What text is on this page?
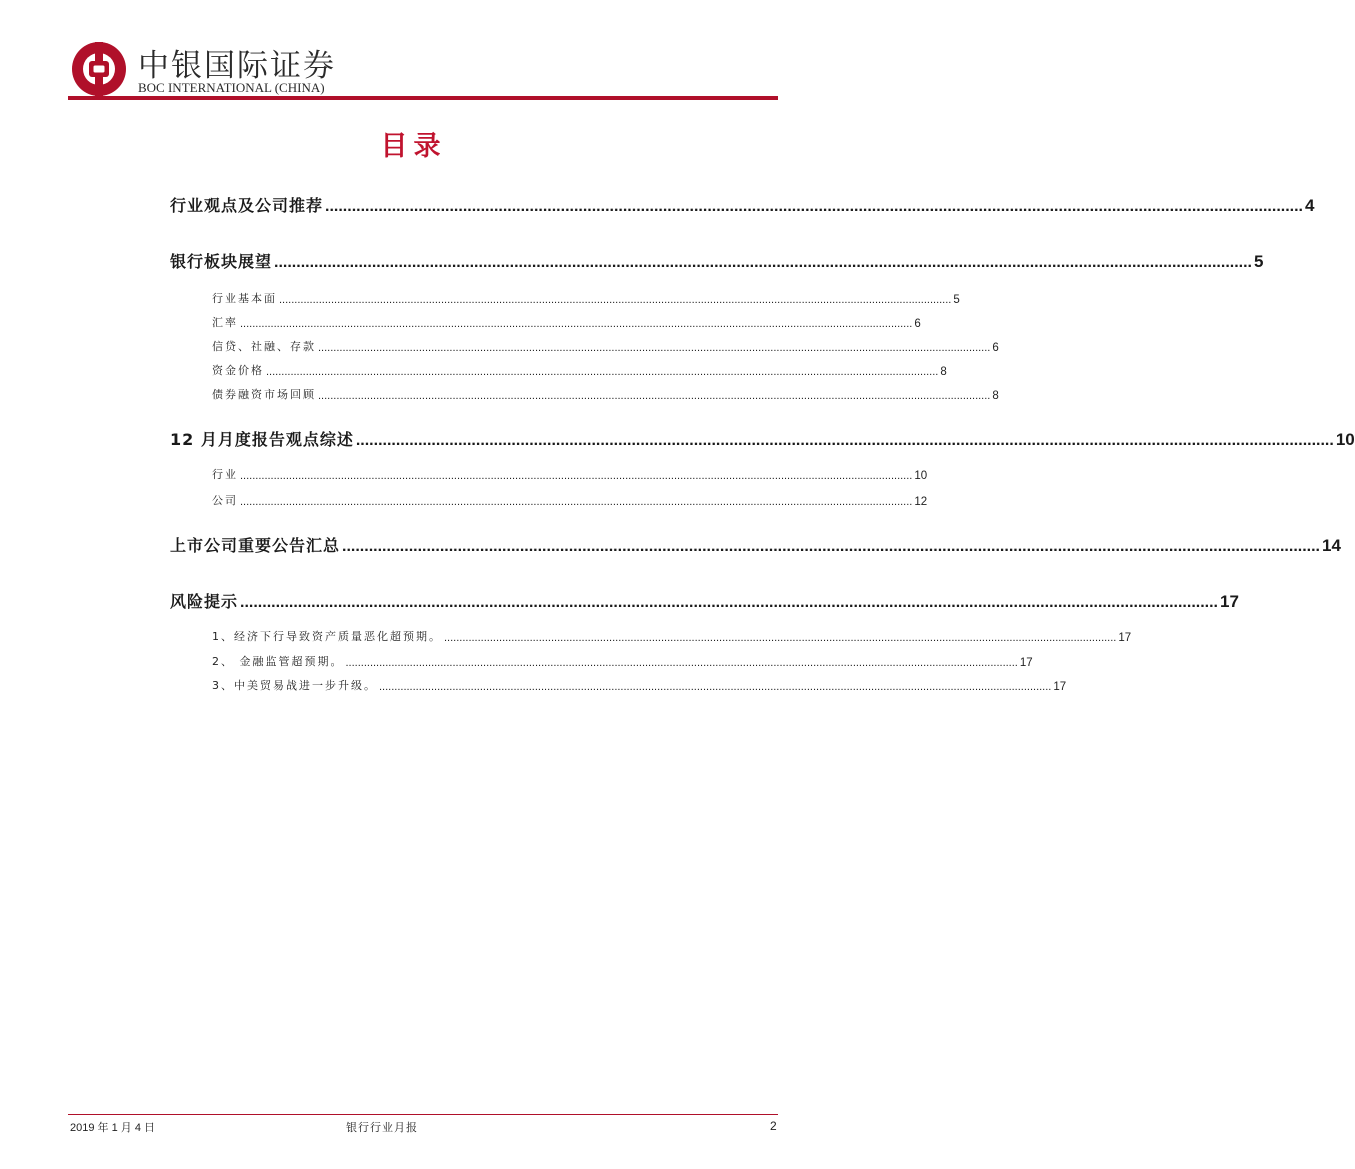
中银国际证券
BOC INTERNATIONAL (CHINA)
目录
行业观点及公司推荐 ............................................................................................................................................................................................................................ 4
银行板块展望 ............................................................................................................................................................................................................................ 5
行业基本面 ............................................................................................................................................................................................................................ 5
汇率 ............................................................................................................................................................................................................................ 6
信贷、社融、存款 ............................................................................................................................................................................................................................ 6
资金价格 ............................................................................................................................................................................................................................ 8
债券融资市场回顾 ............................................................................................................................................................................................................................ 8
12 月月度报告观点综述 ............................................................................................................................................................................................................................ 10
行业 ............................................................................................................................................................................................................................ 10
公司 ............................................................................................................................................................................................................................ 12
上市公司重要公告汇总 ............................................................................................................................................................................................................................ 14
风险提示 ............................................................................................................................................................................................................................ 17
1、经济下行导致资产质量恶化超预期。 ............................................................................................................................................................................................................................ 17
2、 金融监管超预期。 ............................................................................................................................................................................................................................ 17
3、中美贸易战进一步升级。 ............................................................................................................................................................................................................................ 17
2019 年 1 月 4 日	银行行业月报	2
